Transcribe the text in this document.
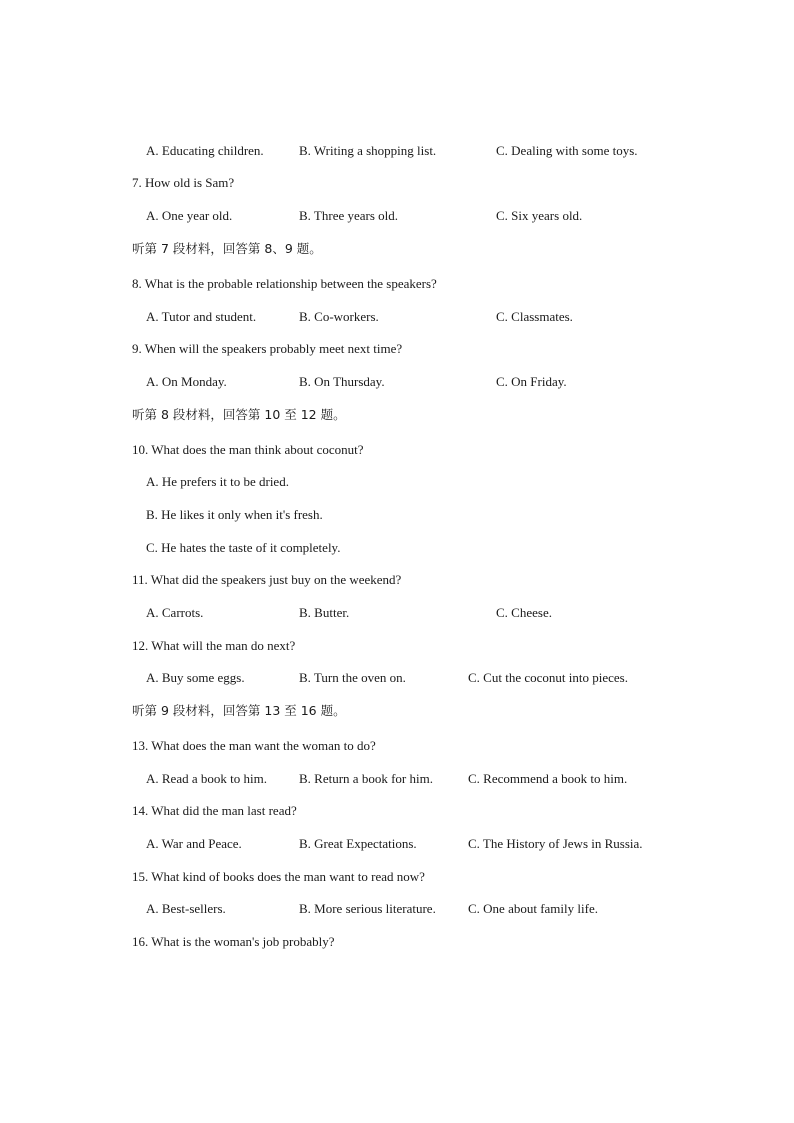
A. Educating children.	B. Writing a shopping list.	C. Dealing with some toys.
7. How old is Sam?
A. One year old.	B. Three years old.	C. Six years old.
听第 7 段材料，回答第 8、9 题。
8. What is the probable relationship between the speakers?
A. Tutor and student.	B. Co-workers.	C. Classmates.
9. When will the speakers probably meet next time?
A. On Monday.	B. On Thursday.	C. On Friday.
听第 8 段材料，回答第 10 至 12 题。
10. What does the man think about coconut?
A. He prefers it to be dried.
B. He likes it only when it's fresh.
C. He hates the taste of it completely.
11. What did the speakers just buy on the weekend?
A. Carrots.	B. Butter.	C. Cheese.
12. What will the man do next?
A. Buy some eggs.	B. Turn the oven on.	C. Cut the coconut into pieces.
听第 9 段材料，回答第 13 至 16 题。
13. What does the man want the woman to do?
A. Read a book to him. B. Return a book for him.	C. Recommend a book to him.
14. What did the man last read?
A. War and Peace.	B. Great Expectations.	C. The History of Jews in Russia.
15. What kind of books does the man want to read now?
A. Best-sellers.	B. More serious literature. C. One about family life.
16. What is the woman's job probably?
